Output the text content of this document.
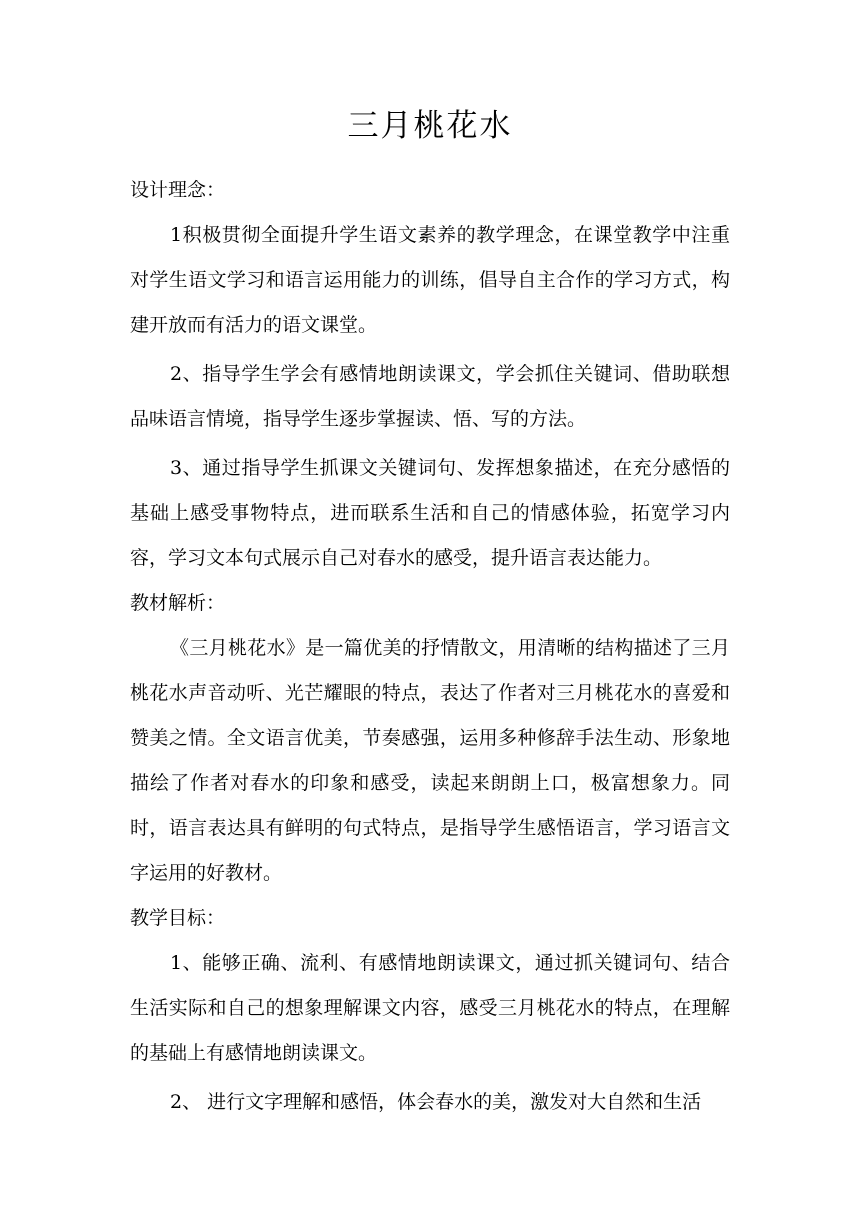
三月桃花水
设计理念：

1积极贯彻全面提升学生语文素养的教学理念，在课堂教学中注重对学生语文学习和语言运用能力的训练，倡导自主合作的学习方式，构建开放而有活力的语文课堂。

2、指导学生学会有感情地朗读课文，学会抓住关键词、借助联想品味语言情境，指导学生逐步掌握读、悟、写的方法。

3、通过指导学生抓课文关键词句、发挥想象描述，在充分感悟的基础上感受事物特点，进而联系生活和自己的情感体验，拓宽学习内容，学习文本句式展示自己对春水的感受，提升语言表达能力。

教材解析：

《三月桃花水》是一篇优美的抒情散文，用清晰的结构描述了三月桃花水声音动听、光芒耀眼的特点，表达了作者对三月桃花水的喜爱和赞美之情。全文语言优美，节奏感强，运用多种修辞手法生动、形象地描绘了作者对春水的印象和感受，读起来朗朗上口，极富想象力。同时，语言表达具有鲜明的句式特点，是指导学生感悟语言，学习语言文字运用的好教材。

教学目标：

1、能够正确、流利、有感情地朗读课文，通过抓关键词句、结合生活实际和自己的想象理解课文内容，感受三月桃花水的特点，在理解的基础上有感情地朗读课文。

2、 进行文字理解和感悟，体会春水的美，激发对大自然和生活
